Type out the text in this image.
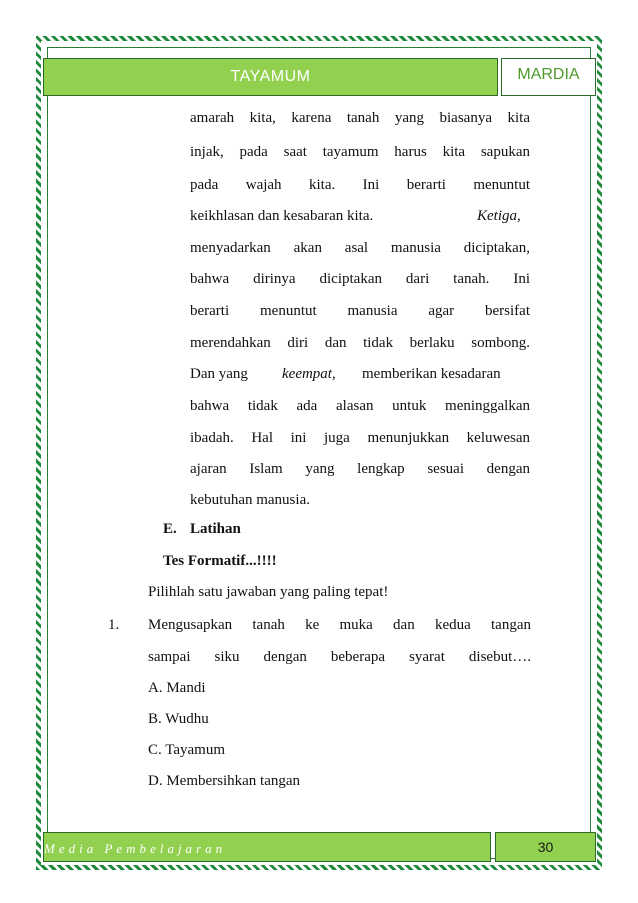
TAYAMUM	MARDIA
amarah kita, karena tanah yang biasanya kita
injak, pada saat tayamum harus kita sapukan
pada wajah kita. Ini berarti menuntut
keikhlasan dan kesabaran kita.	Ketiga,
menyadarkan akan asal manusia diciptakan,
bahwa dirinya diciptakan dari tanah. Ini
berarti menuntut manusia agar bersifat
merendahkan diri dan tidak berlaku sombong.
Dan yang keempat, memberikan kesadaran
bahwa tidak ada alasan untuk meninggalkan
ibadah. Hal ini juga menunjukkan keluwesan
ajaran Islam yang lengkap sesuai dengan
kebutuhan manusia.
E. Latihan
Tes Formatif...!!!!
Pilihlah satu jawaban yang paling tepat!
1. Mengusapkan tanah ke muka dan kedua tangan
sampai siku dengan beberapa syarat disebut….
A. Mandi
B. Wudhu
C. Tayamum
D. Membersihkan tangan
Media Pembelajaran	30
